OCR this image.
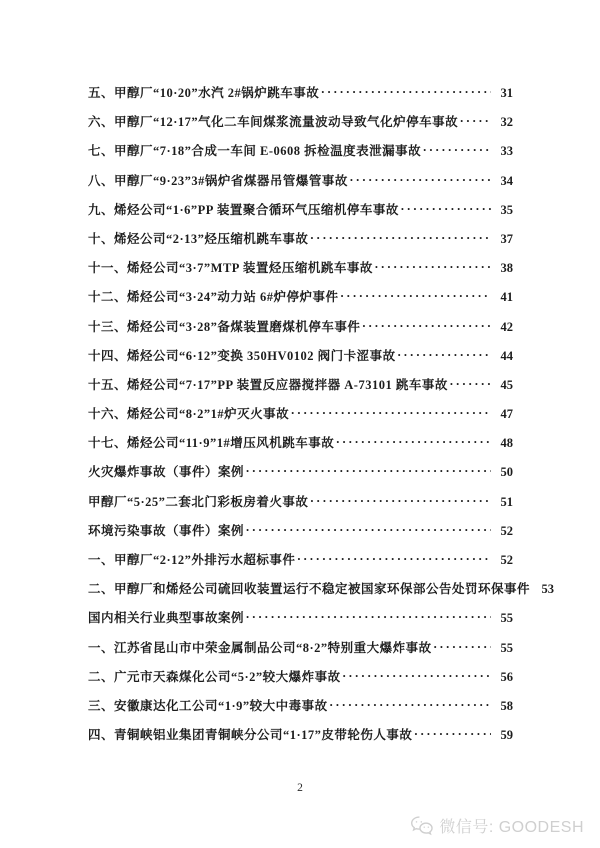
五、甲醇厂“10·20”水汽 2#锅炉跳车事故 . . .	31
六、甲醇厂“12·17”气化二车间煤浆流量波动导致气化炉停车事故 . . .	32
七、甲醇厂“7·18”合成一车间 E-0608 拆检温度表泄漏事故 . . .	33
八、甲醇厂“9·23”3#锅炉省煤器吊管爆管事故 . . .	34
九、烯烃公司“1·6”PP 装置聚合循环气压缩机停车事故 . . .	35
十、烯烃公司“2·13”烃压缩机跳车事故 . . .	37
十一、烯烃公司“3·7”MTP 装置烃压缩机跳车事故 . . .	38
十二、烯烃公司“3·24”动力站 6#炉停炉事件 . . .	41
十三、烯烃公司“3·28”备煤装置磨煤机停车事件 . . .	42
十四、烯烃公司“6·12”变换 350HV0102 阀门卡涩事故 . . .	44
十五、烯烃公司“7·17”PP 装置反应器搅拌器 A-73101 跳车事故 . . .	45
十六、烯烃公司“8·2”1#炉灭火事故 . . .	47
十七、烯烃公司“11·9”1#增压风机跳车事故 . . .	48
火灾爆炸事故（事件）案例 . . .	50
甲醇厂“5·25”二套北门彩板房着火事故 . . .	51
环境污染事故（事件）案例 . . .	52
一、甲醇厂“2·12”外排污水超标事件 . . .	52
二、甲醇厂和烯烃公司硫回收装置运行不稳定被国家环保部公告处罚环保事件 53
国内相关行业典型事故案例 . . .	55
一、江苏省昆山市中荣金属制品公司“8·2”特别重大爆炸事故 . . .	55
二、广元市天森煤化公司“5·2”较大爆炸事故 . . .	56
三、安徽康达化工公司“1·9”较大中毒事故 . . .	58
四、青铜峡铝业集团青铜峡分公司“1·17”皮带轮伤人事故 . . .	59
2
微信号: GOODESH
